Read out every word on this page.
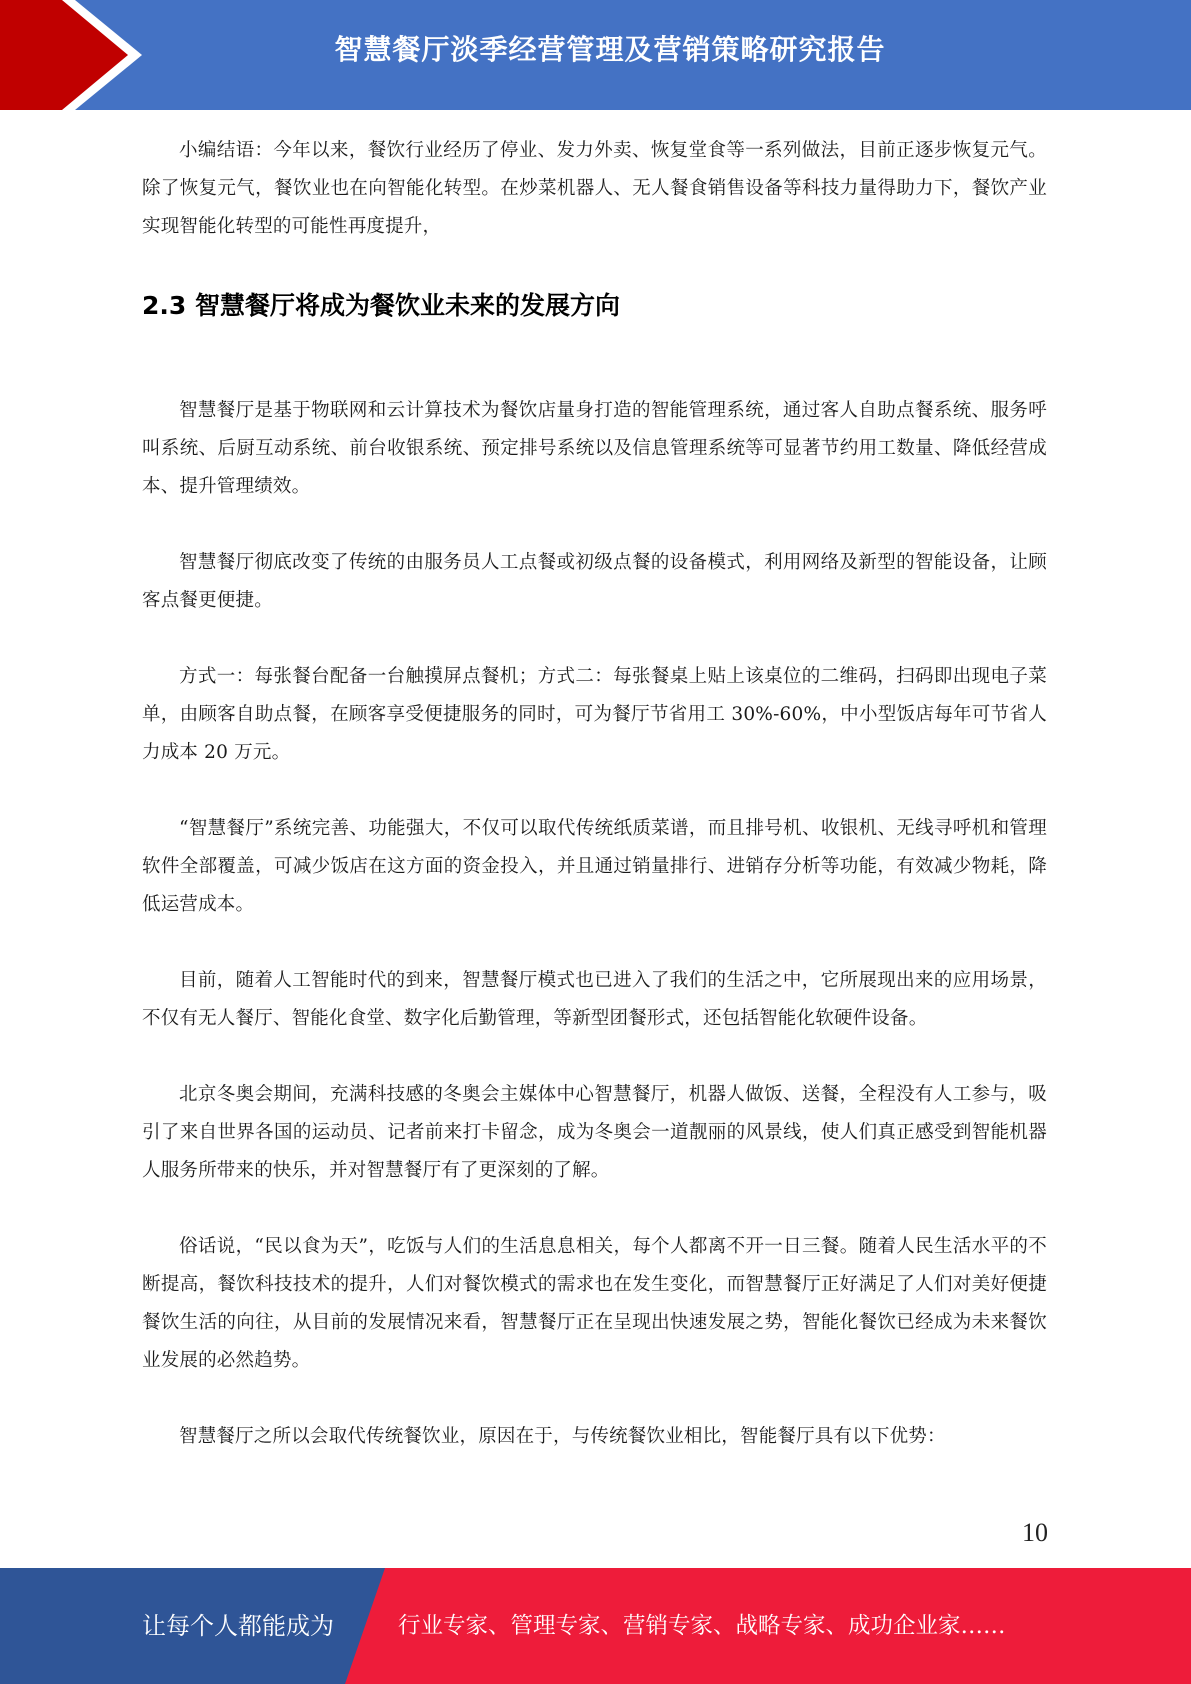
智慧餐厅淡季经营管理及营销策略研究报告

小编结语：今年以来，餐饮行业经历了停业、发力外卖、恢复堂食等一系列做法，目前正逐步恢复元气。除了恢复元气，餐饮业也在向智能化转型。在炒菜机器人、无人餐食销售设备等科技力量得助力下，餐饮产业实现智能化转型的可能性再度提升，

2.3 智慧餐厅将成为餐饮业未来的发展方向

智慧餐厅是基于物联网和云计算技术为餐饮店量身打造的智能管理系统，通过客人自助点餐系统、服务呼叫系统、后厨互动系统、前台收银系统、预定排号系统以及信息管理系统等可显著节约用工数量、降低经营成本、提升管理绩效。

智慧餐厅彻底改变了传统的由服务员人工点餐或初级点餐的设备模式，利用网络及新型的智能设备，让顾客点餐更便捷。

方式一：每张餐台配备一台触摸屏点餐机；方式二：每张餐桌上贴上该桌位的二维码，扫码即出现电子菜单，由顾客自助点餐，在顾客享受便捷服务的同时，可为餐厅节省用工 30%-60%，中小型饭店每年可节省人力成本 20 万元。

“智慧餐厅”系统完善、功能强大，不仅可以取代传统纸质菜谱，而且排号机、收银机、无线寻呼机和管理软件全部覆盖，可减少饭店在这方面的资金投入，并且通过销量排行、进销存分析等功能，有效减少物耗，降低运营成本。

目前，随着人工智能时代的到来，智慧餐厅模式也已进入了我们的生活之中，它所展现出来的应用场景，不仅有无人餐厅、智能化食堂、数字化后勤管理，等新型团餐形式，还包括智能化软硬件设备。

北京冬奥会期间，充满科技感的冬奥会主媒体中心智慧餐厅，机器人做饭、送餐，全程没有人工参与，吸引了来自世界各国的运动员、记者前来打卡留念，成为冬奥会一道靓丽的风景线，使人们真正感受到智能机器人服务所带来的快乐，并对智慧餐厅有了更深刻的了解。

俗话说，“民以食为天”，吃饭与人们的生活息息相关，每个人都离不开一日三餐。随着人民生活水平的不断提高，餐饮科技技术的提升，人们对餐饮模式的需求也在发生变化，而智慧餐厅正好满足了人们对美好便捷餐饮生活的向往，从目前的发展情况来看，智慧餐厅正在呈现出快速发展之势，智能化餐饮已经成为未来餐饮业发展的必然趋势。

智慧餐厅之所以会取代传统餐饮业，原因在于，与传统餐饮业相比，智能餐厅具有以下优势：

10
让每个人都能成为	行业专家、管理专家、营销专家、战略专家、成功企业家……
